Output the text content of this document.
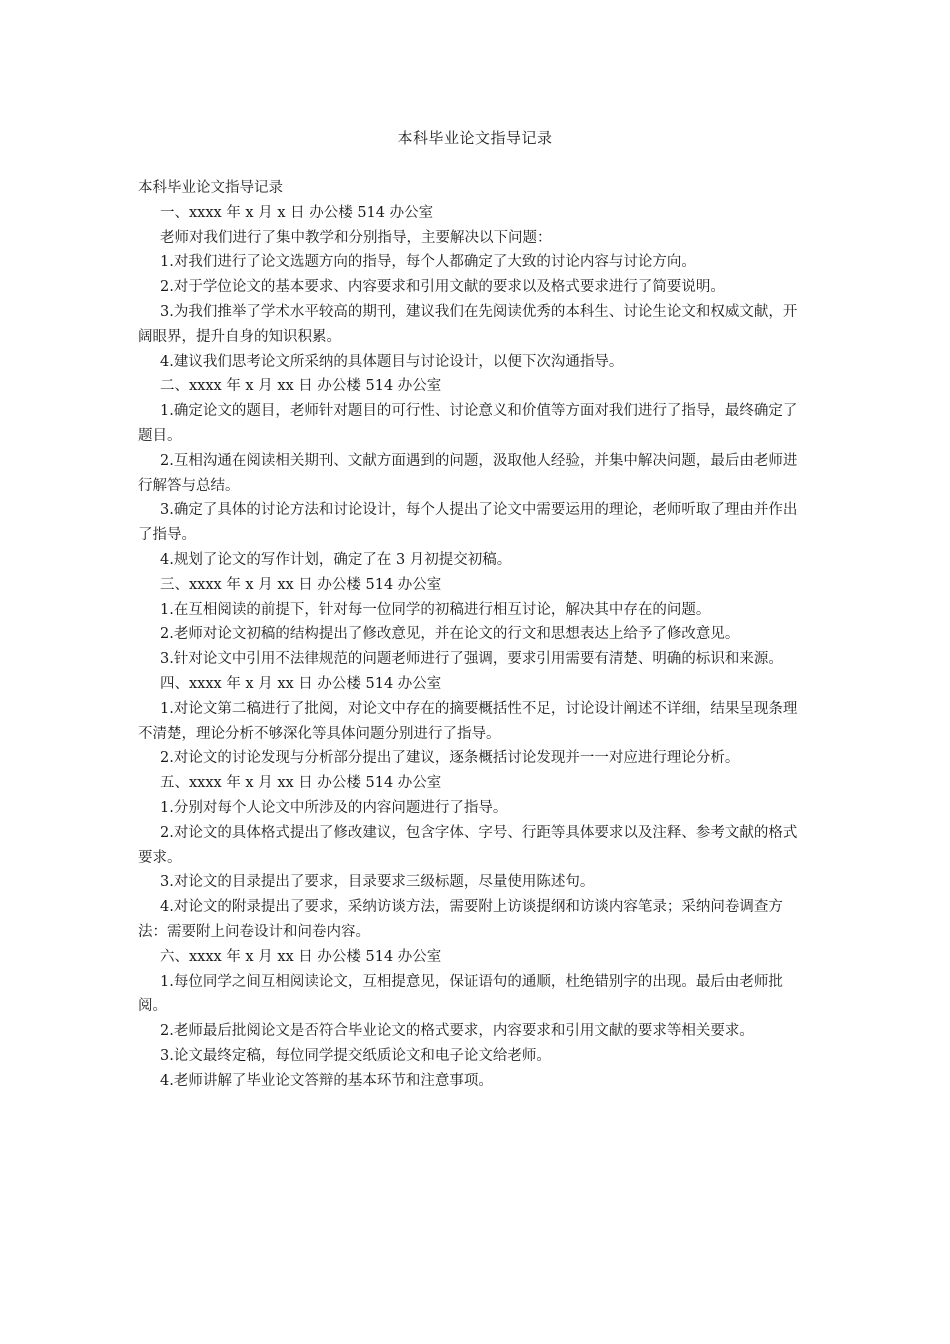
本科毕业论文指导记录
本科毕业论文指导记录
一、xxxx 年 x 月 x 日 办公楼 514 办公室
老师对我们进行了集中教学和分别指导，主要解决以下问题：
1.对我们进行了论文选题方向的指导，每个人都确定了大致的讨论内容与讨论方向。
2.对于学位论文的基本要求、内容要求和引用文献的要求以及格式要求进行了简要说明。
3.为我们推举了学术水平较高的期刊，建议我们在先阅读优秀的本科生、讨论生论文和权威文献，开阔眼界，提升自身的知识积累。
4.建议我们思考论文所采纳的具体题目与讨论设计，以便下次沟通指导。
二、xxxx 年 x 月 xx 日 办公楼 514 办公室
1.确定论文的题目，老师针对题目的可行性、讨论意义和价值等方面对我们进行了指导，最终确定了题目。
2.互相沟通在阅读相关期刊、文献方面遇到的问题，汲取他人经验，并集中解决问题，最后由老师进行解答与总结。
3.确定了具体的讨论方法和讨论设计，每个人提出了论文中需要运用的理论，老师听取了理由并作出了指导。
4.规划了论文的写作计划，确定了在 3 月初提交初稿。
三、xxxx 年 x 月 xx 日 办公楼 514 办公室
1.在互相阅读的前提下，针对每一位同学的初稿进行相互讨论，解决其中存在的问题。
2.老师对论文初稿的结构提出了修改意见，并在论文的行文和思想表达上给予了修改意见。
3.针对论文中引用不法律规范的问题老师进行了强调，要求引用需要有清楚、明确的标识和来源。
四、xxxx 年 x 月 xx 日 办公楼 514 办公室
1.对论文第二稿进行了批阅，对论文中存在的摘要概括性不足，讨论设计阐述不详细，结果呈现条理不清楚，理论分析不够深化等具体问题分别进行了指导。
2.对论文的讨论发现与分析部分提出了建议，逐条概括讨论发现并一一对应进行理论分析。
五、xxxx 年 x 月 xx 日 办公楼 514 办公室
1.分别对每个人论文中所涉及的内容问题进行了指导。
2.对论文的具体格式提出了修改建议，包含字体、字号、行距等具体要求以及注释、参考文献的格式要求。
3.对论文的目录提出了要求，目录要求三级标题，尽量使用陈述句。
4.对论文的附录提出了要求，采纳访谈方法，需要附上访谈提纲和访谈内容笔录；采纳问卷调查方法：需要附上问卷设计和问卷内容。
六、xxxx 年 x 月 xx 日 办公楼 514 办公室
1.每位同学之间互相阅读论文，互相提意见，保证语句的通顺，杜绝错别字的出现。最后由老师批阅。
2.老师最后批阅论文是否符合毕业论文的格式要求，内容要求和引用文献的要求等相关要求。
3.论文最终定稿，每位同学提交纸质论文和电子论文给老师。
4.老师讲解了毕业论文答辩的基本环节和注意事项。
